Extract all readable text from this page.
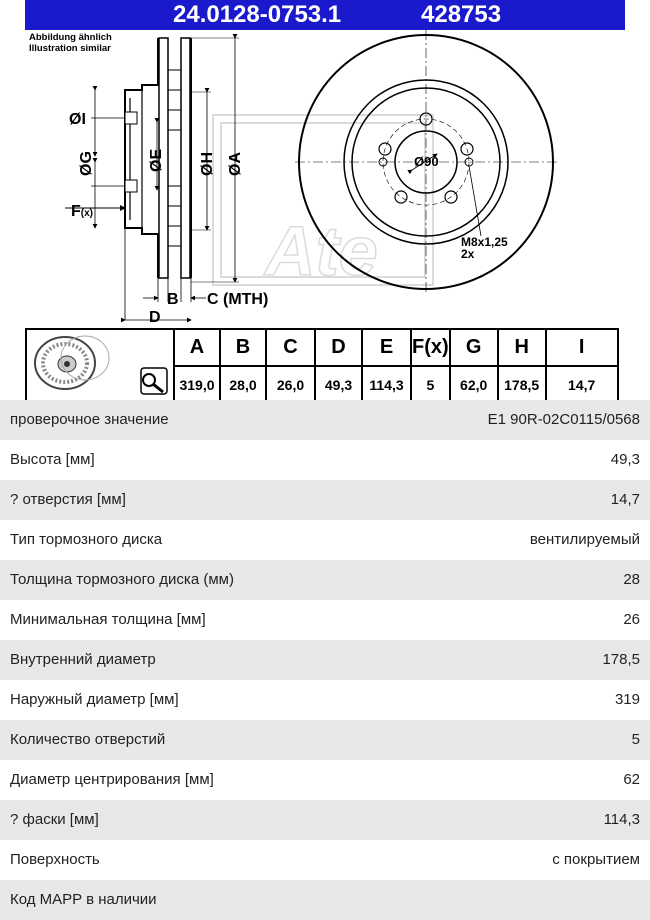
24.0128-0753.1	428753
Abbildung ähnlich
Illustration similar
Ate
ØI
ØG	ØE ØH ØA
F(x)
B C (MTH)
D
Ø90
M8x1,25
2x
	A	B	C	D	E	F(x)	G	H	I
	319,0	28,0	26,0	49,3	114,3	5	62,0	178,5	14,7
проверочное значение	E1 90R-02C0115/0568
Высота [мм]	49,3
? отверстия [мм]	14,7
Тип тормозного диска	вентилируемый
Толщина тормозного диска (мм)	28
Минимальная толщина [мм]	26
Внутренний диаметр	178,5
Наружный диаметр [мм]	319
Количество отверстий	5
Диаметр центрирования [мм]	62
? фаски [мм]	114,3
Поверхность	с покрытием
Код MAPP в наличии
